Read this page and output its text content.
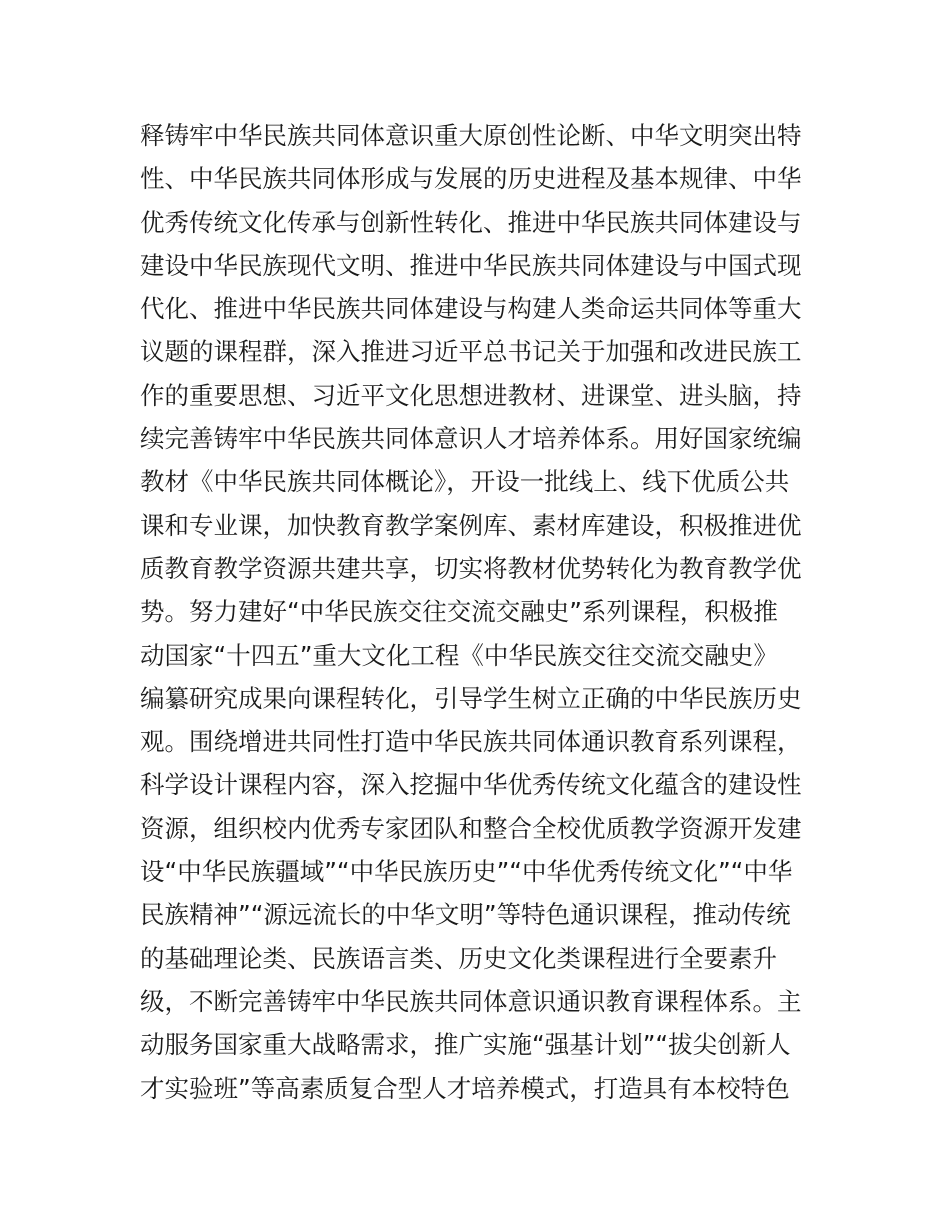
释铸牢中华民族共同体意识重大原创性论断、中华文明突出特
性、中华民族共同体形成与发展的历史进程及基本规律、中华
优秀传统文化传承与创新性转化、推进中华民族共同体建设与
建设中华民族现代文明、推进中华民族共同体建设与中国式现
代化、推进中华民族共同体建设与构建人类命运共同体等重大
议题的课程群，深入推进习近平总书记关于加强和改进民族工
作的重要思想、习近平文化思想进教材、进课堂、进头脑，持
续完善铸牢中华民族共同体意识人才培养体系。用好国家统编
教材《中华民族共同体概论》，开设一批线上、线下优质公共
课和专业课，加快教育教学案例库、素材库建设，积极推进优
质教育教学资源共建共享，切实将教材优势转化为教育教学优
势。努力建好“中华民族交往交流交融史”系列课程，积极推
动国家“十四五”重大文化工程《中华民族交往交流交融史》
编纂研究成果向课程转化，引导学生树立正确的中华民族历史
观。围绕增进共同性打造中华民族共同体通识教育系列课程，
科学设计课程内容，深入挖掘中华优秀传统文化蕴含的建设性
资源，组织校内优秀专家团队和整合全校优质教学资源开发建
设“中华民族疆域”“中华民族历史”“中华优秀传统文化”“中华
民族精神”“源远流长的中华文明”等特色通识课程，推动传统
的基础理论类、民族语言类、历史文化类课程进行全要素升
级，不断完善铸牢中华民族共同体意识通识教育课程体系。主
动服务国家重大战略需求，推广实施“强基计划”“拔尖创新人
才实验班”等高素质复合型人才培养模式，打造具有本校特色
